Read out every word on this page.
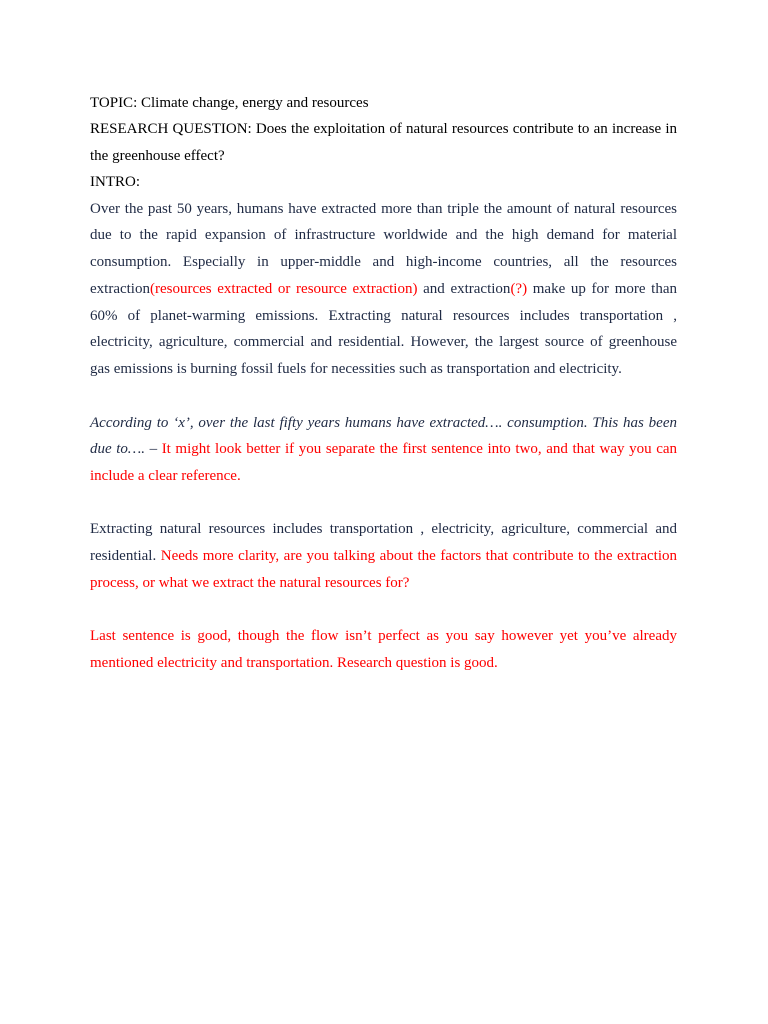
TOPIC: Climate change, energy and resources

RESEARCH QUESTION: Does the exploitation of natural resources contribute to an increase in the greenhouse effect?

INTRO:

Over the past 50 years, humans have extracted more than triple the amount of natural resources due to the rapid expansion of infrastructure worldwide and the high demand for material consumption. Especially in upper-middle and high-income countries, all the resources extraction(resources extracted or resource extraction) and extraction(?) make up for more than 60% of planet-warming emissions. Extracting natural resources includes transportation , electricity, agriculture, commercial and residential. However, the largest source of greenhouse gas emissions is burning fossil fuels for necessities such as transportation and electricity.

According to ‘x’, over the last fifty years humans have extracted…. consumption. This has been due to…. – It might look better if you separate the first sentence into two, and that way you can include a clear reference.

Extracting natural resources includes transportation , electricity, agriculture, commercial and residential. Needs more clarity, are you talking about the factors that contribute to the extraction process, or what we extract the natural resources for?

Last sentence is good, though the flow isn’t perfect as you say however yet you’ve already mentioned electricity and transportation. Research question is good.
